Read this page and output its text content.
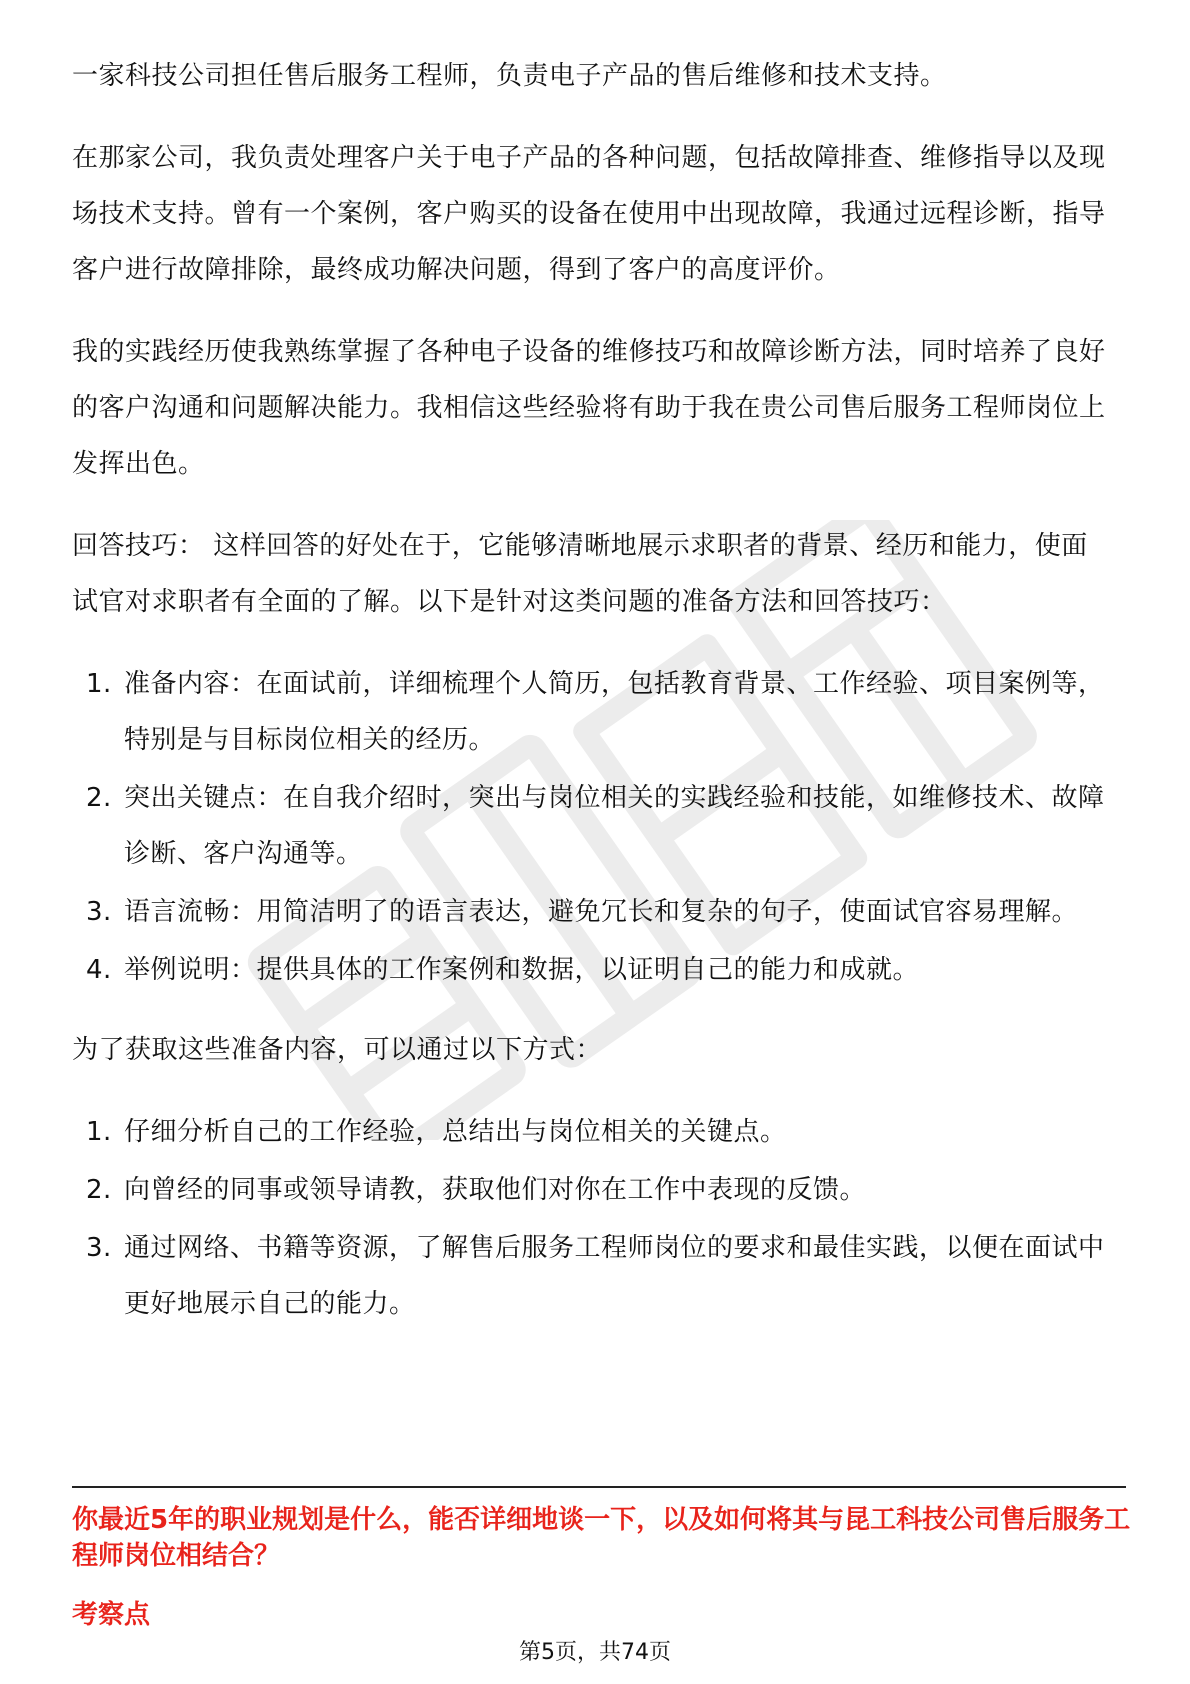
一家科技公司担任售后服务工程师，负责电子产品的售后维修和技术支持。

在那家公司，我负责处理客户关于电子产品的各种问题，包括故障排查、维修指导以及现场技术支持。曾有一个案例，客户购买的设备在使用中出现故障，我通过远程诊断，指导客户进行故障排除，最终成功解决问题，得到了客户的高度评价。

我的实践经历使我熟练掌握了各种电子设备的维修技巧和故障诊断方法，同时培养了良好的客户沟通和问题解决能力。我相信这些经验将有助于我在贵公司售后服务工程师岗位上发挥出色。

回答技巧： 这样回答的好处在于，它能够清晰地展示求职者的背景、经历和能力，使面试官对求职者有全面的了解。以下是针对这类问题的准备方法和回答技巧：

1. 准备内容：在面试前，详细梳理个人简历，包括教育背景、工作经验、项目案例等，特别是与目标岗位相关的经历。
2. 突出关键点：在自我介绍时，突出与岗位相关的实践经验和技能，如维修技术、故障诊断、客户沟通等。
3. 语言流畅：用简洁明了的语言表达，避免冗长和复杂的句子，使面试官容易理解。
4. 举例说明：提供具体的工作案例和数据，以证明自己的能力和成就。

为了获取这些准备内容，可以通过以下方式：

1. 仔细分析自己的工作经验，总结出与岗位相关的关键点。
2. 向曾经的同事或领导请教，获取他们对你在工作中表现的反馈。
3. 通过网络、书籍等资源，了解售后服务工程师岗位的要求和最佳实践，以便在面试中更好地展示自己的能力。
你最近5年的职业规划是什么，能否详细地谈一下，以及如何将其与昆工科技公司售后服务工程师岗位相结合？
考察点
第5页，共74页
